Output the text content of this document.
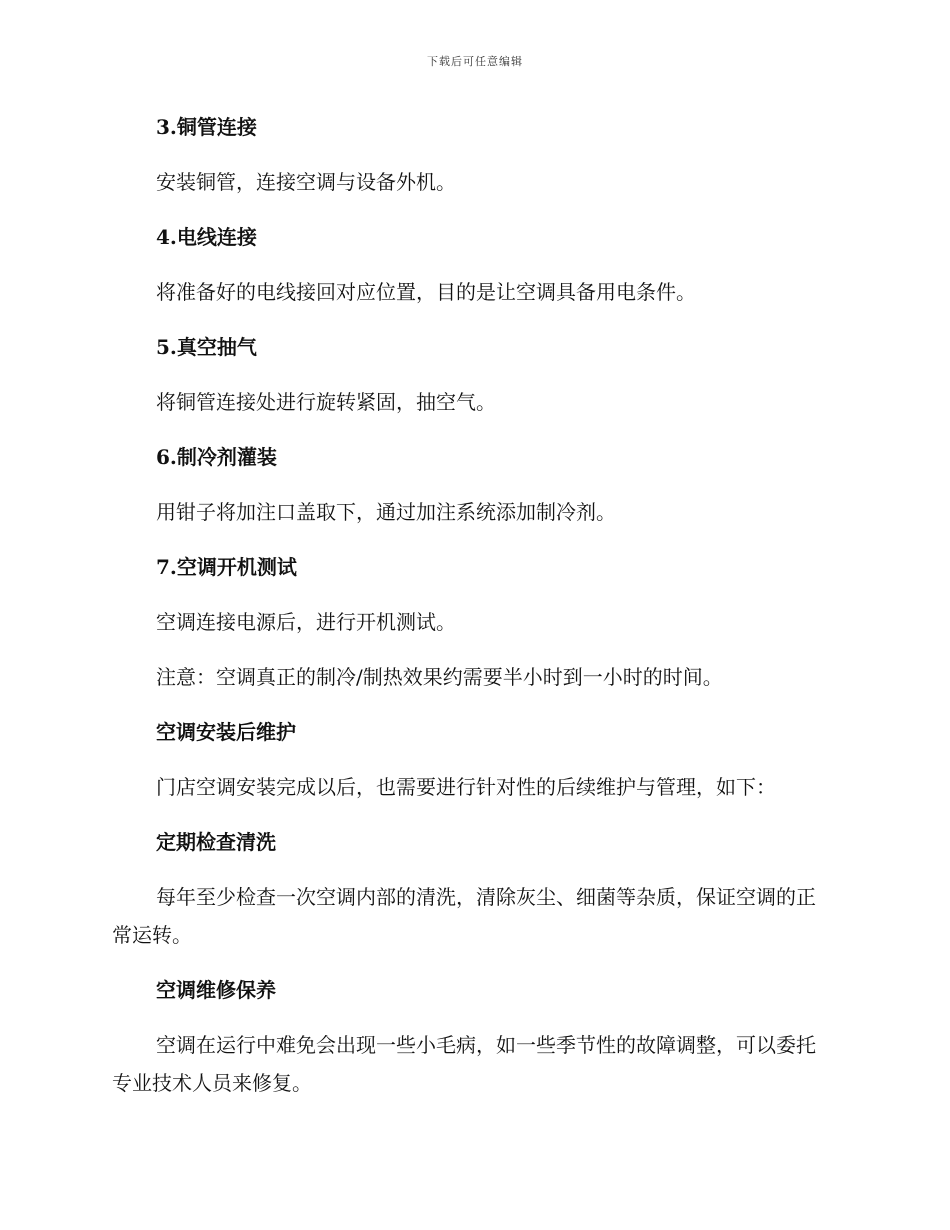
下载后可任意编辑
3.铜管连接
安装铜管，连接空调与设备外机。
4.电线连接
将准备好的电线接回对应位置，目的是让空调具备用电条件。
5.真空抽气
将铜管连接处进行旋转紧固，抽空气。
6.制冷剂灌装
用钳子将加注口盖取下，通过加注系统添加制冷剂。
7.空调开机测试
空调连接电源后，进行开机测试。
注意：空调真正的制冷/制热效果约需要半小时到一小时的时间。
空调安装后维护
门店空调安装完成以后，也需要进行针对性的后续维护与管理，如下：
定期检查清洗
每年至少检查一次空调内部的清洗，清除灰尘、细菌等杂质，保证空调的正常运转。
空调维修保养
空调在运行中难免会出现一些小毛病，如一些季节性的故障调整，可以委托专业技术人员来修复。
